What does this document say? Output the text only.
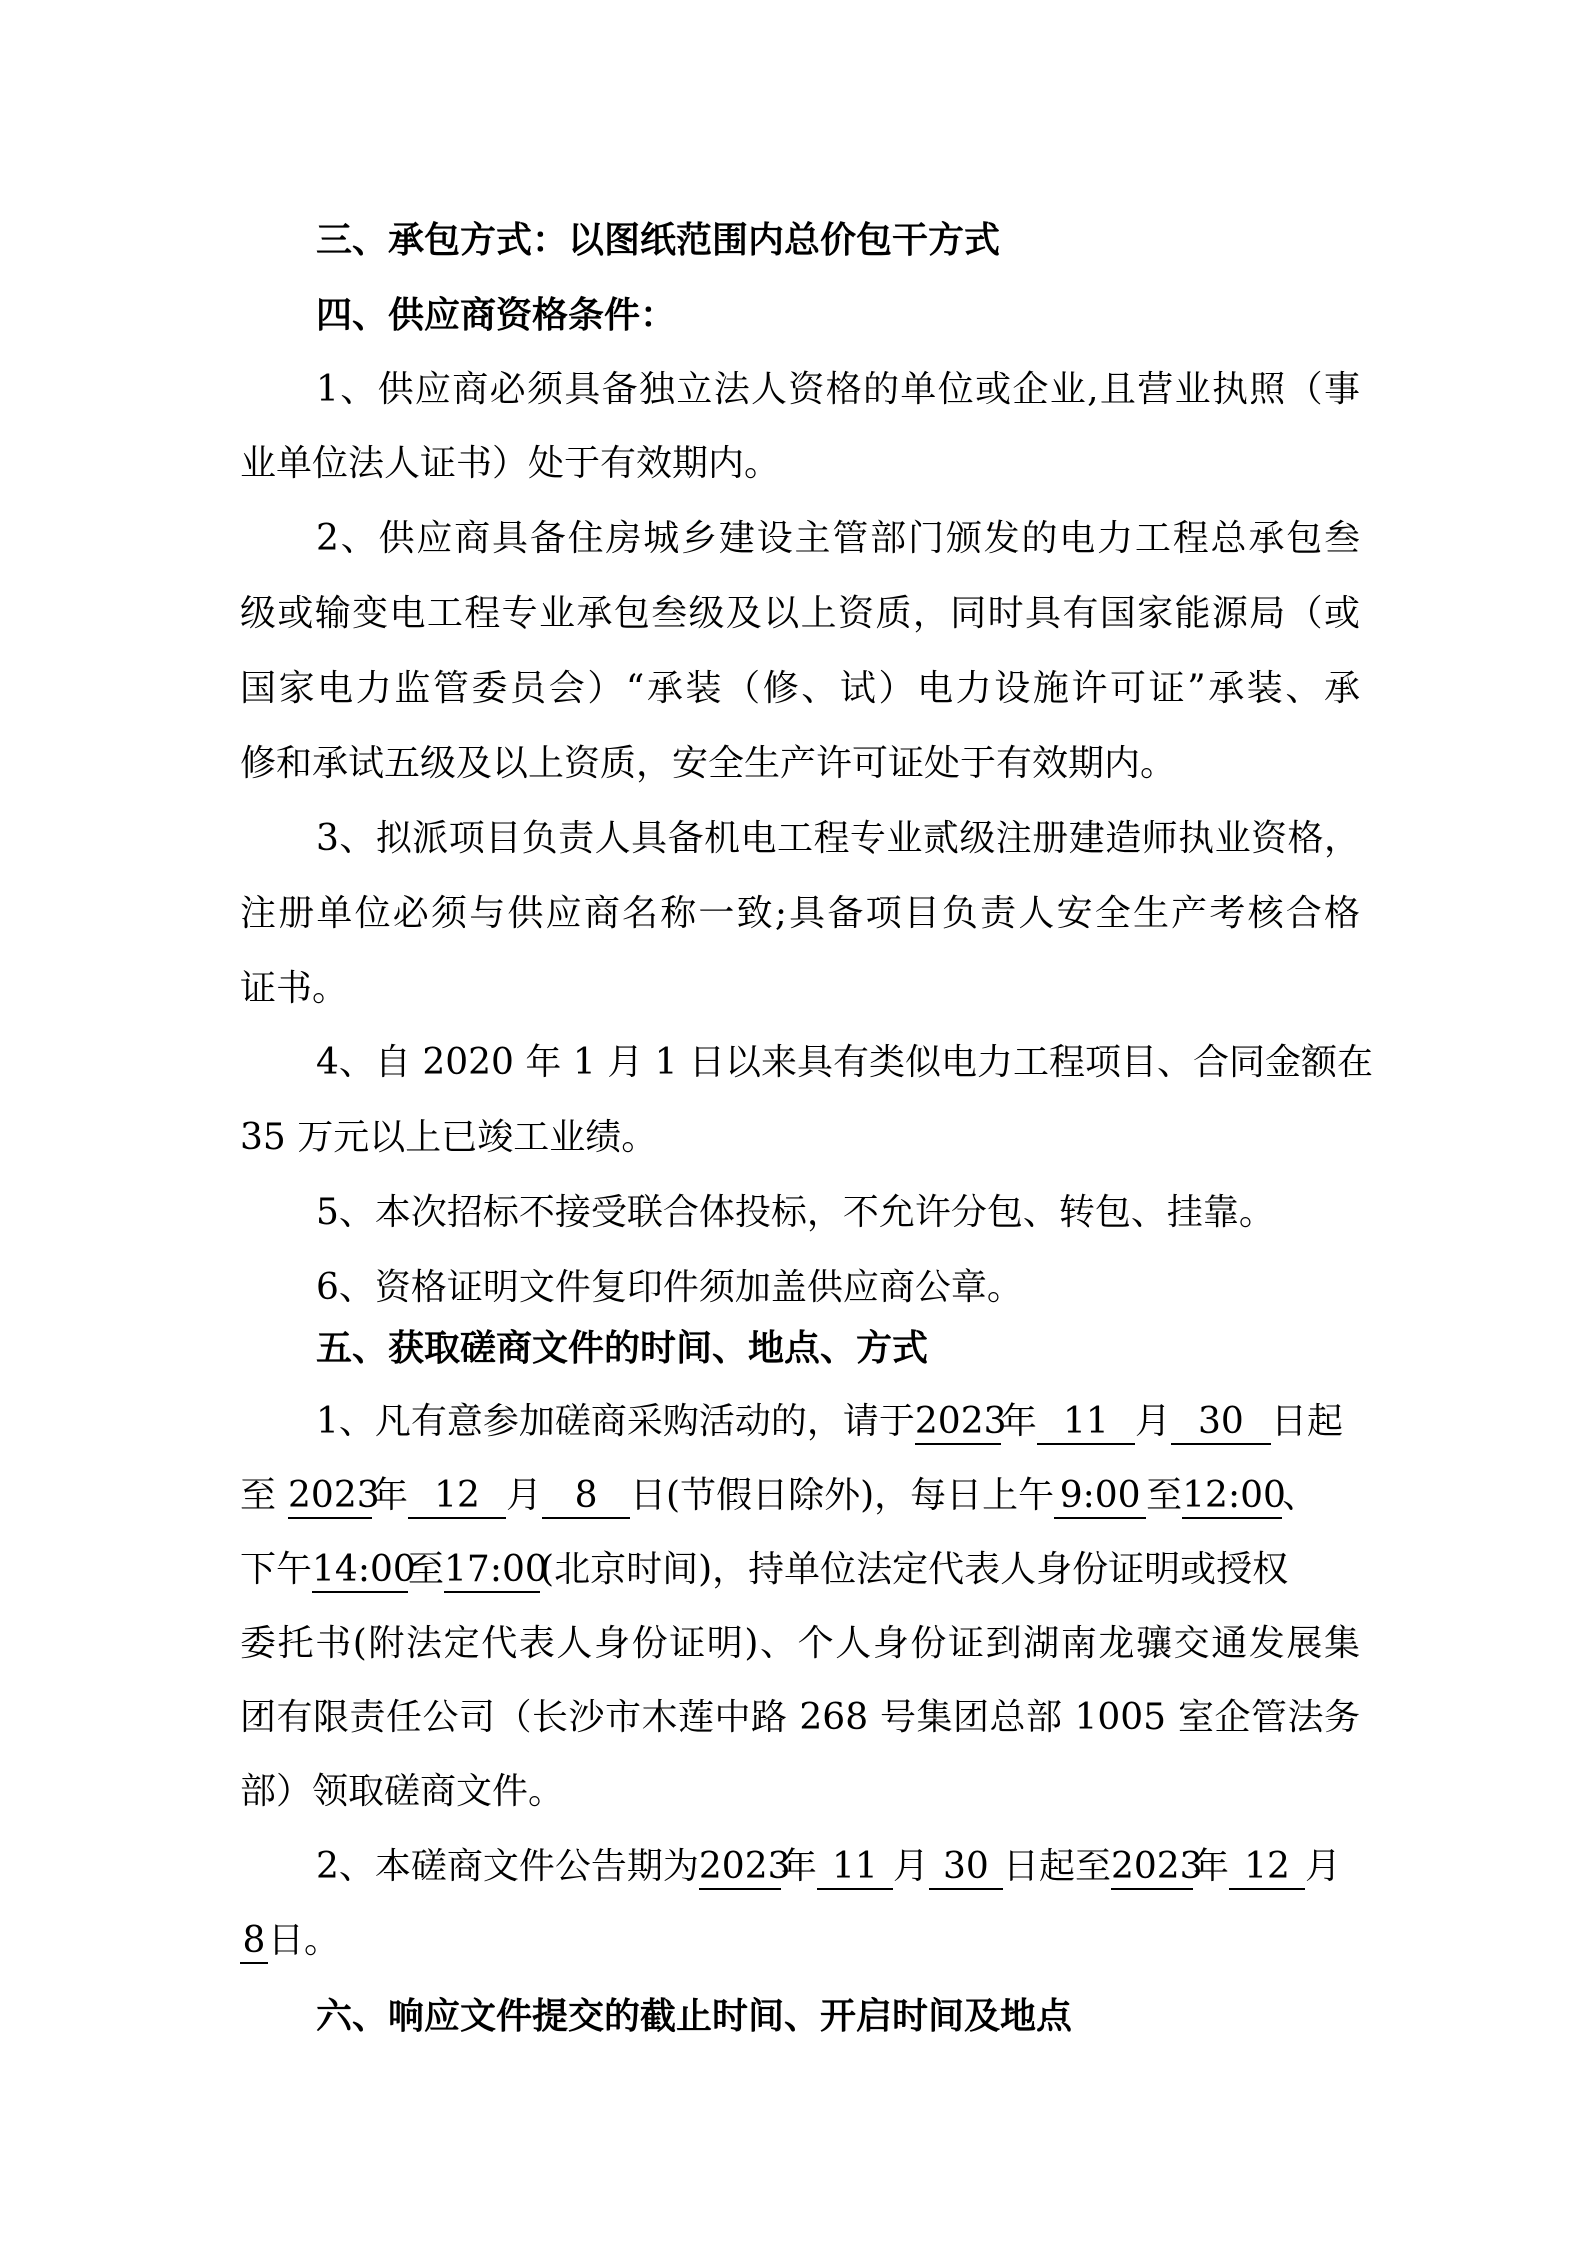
三、承包方式：以图纸范围内总价包干方式
四、供应商资格条件：
1、供应商必须具备独立法人资格的单位或企业,且营业执照（事
业单位法人证书）处于有效期内。
2、供应商具备住房城乡建设主管部门颁发的电力工程总承包叁
级或输变电工程专业承包叁级及以上资质，同时具有国家能源局（或
国家电力监管委员会）“承装（修、试）电力设施许可证”承装、承
修和承试五级及以上资质，安全生产许可证处于有效期内。
3、拟派项目负责人具备机电工程专业贰级注册建造师执业资格，
注册单位必须与供应商名称一致;具备项目负责人安全生产考核合格
证书。
4、自 2020 年 1 月 1 日以来具有类似电力工程项目、合同金额在
35 万元以上已竣工业绩。
5、本次招标不接受联合体投标，不允许分包、转包、挂靠。
6、资格证明文件复印件须加盖供应商公章。
五、获取磋商文件的时间、地点、方式
1、凡有意参加磋商采购活动的，请于2023年 11 月 30 日起
至 2023年 12 月 8 日(节假日除外)，每日上午 9:00 至12:00、
下午14:00至17:00(北京时间)，持单位法定代表人身份证明或授权
委托书(附法定代表人身份证明)、个人身份证到湖南龙骧交通发展集
团有限责任公司（长沙市木莲中路 268 号集团总部 1005 室企管法务
部）领取磋商文件。
2、本磋商文件公告期为2023年 11 月 30 日起至2023年 12 月
8日。
六、响应文件提交的截止时间、开启时间及地点
